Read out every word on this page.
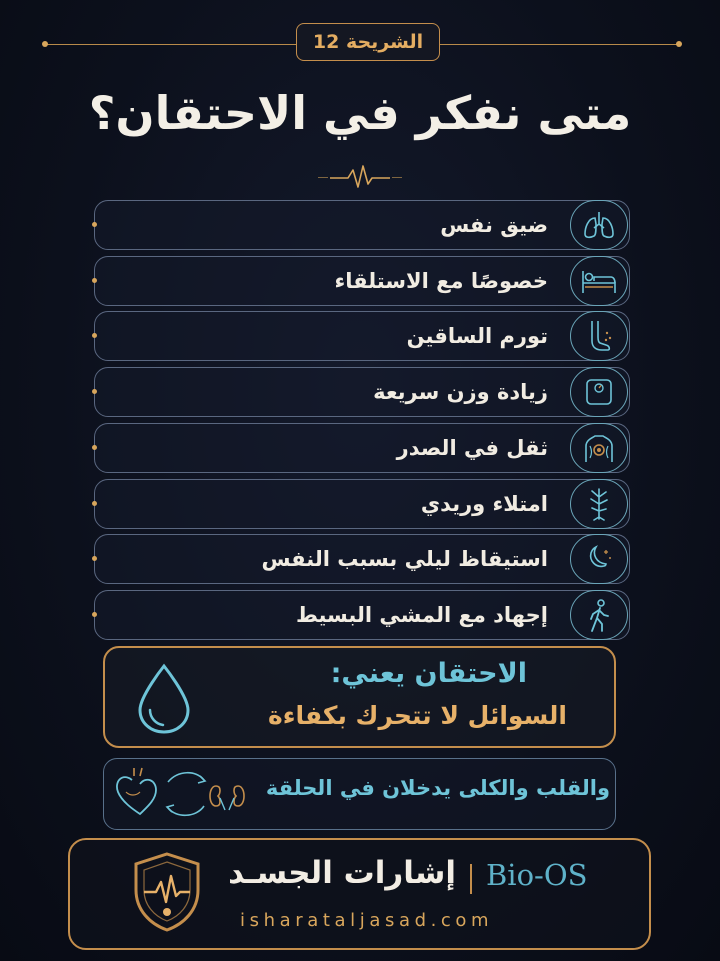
الشريحة 12
متى نفكر في الاحتقان؟
ضيق نفس
خصوصًا مع الاستلقاء
تورم الساقين
زيادة وزن سريعة
ثقل في الصدر
امتلاء وريدي
استيقاظ ليلي بسبب النفس
إجهاد مع المشي البسيط
الاحتقان يعني:
السوائل لا تتحرك بكفاءة
والقلب والكلى يدخلان في الحلقة
Bio-OS
إشارات الجسـد
isharataljasad.com
